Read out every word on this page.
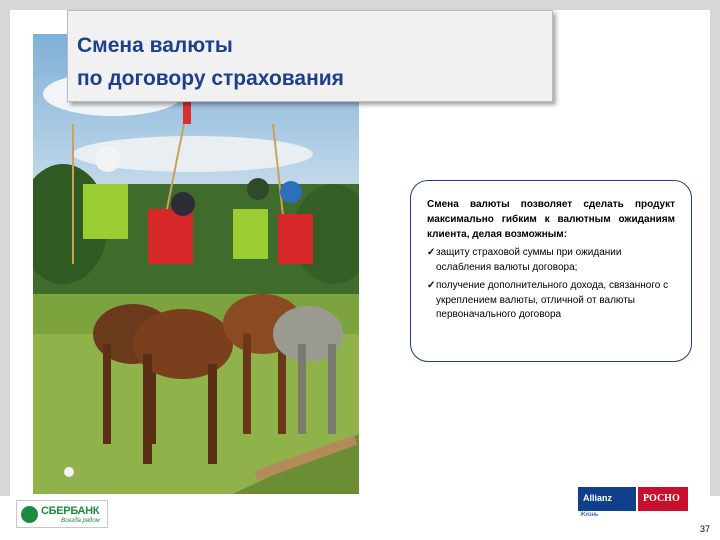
Смена валюты
по договору страхования
Смена валюты позволяет сделать продукт максимально гибким к валютным ожиданиям клиента, делая возможным:
✓ защиту страховой суммы при ожидании ослабления валюты договора;
✓ получение дополнительного дохода, связанного с укреплением валюты, отличной от валюты первоначального договора
СБЕРБАНК
Всегда рядом
Allianz	РОСНО
Жизнь
37
